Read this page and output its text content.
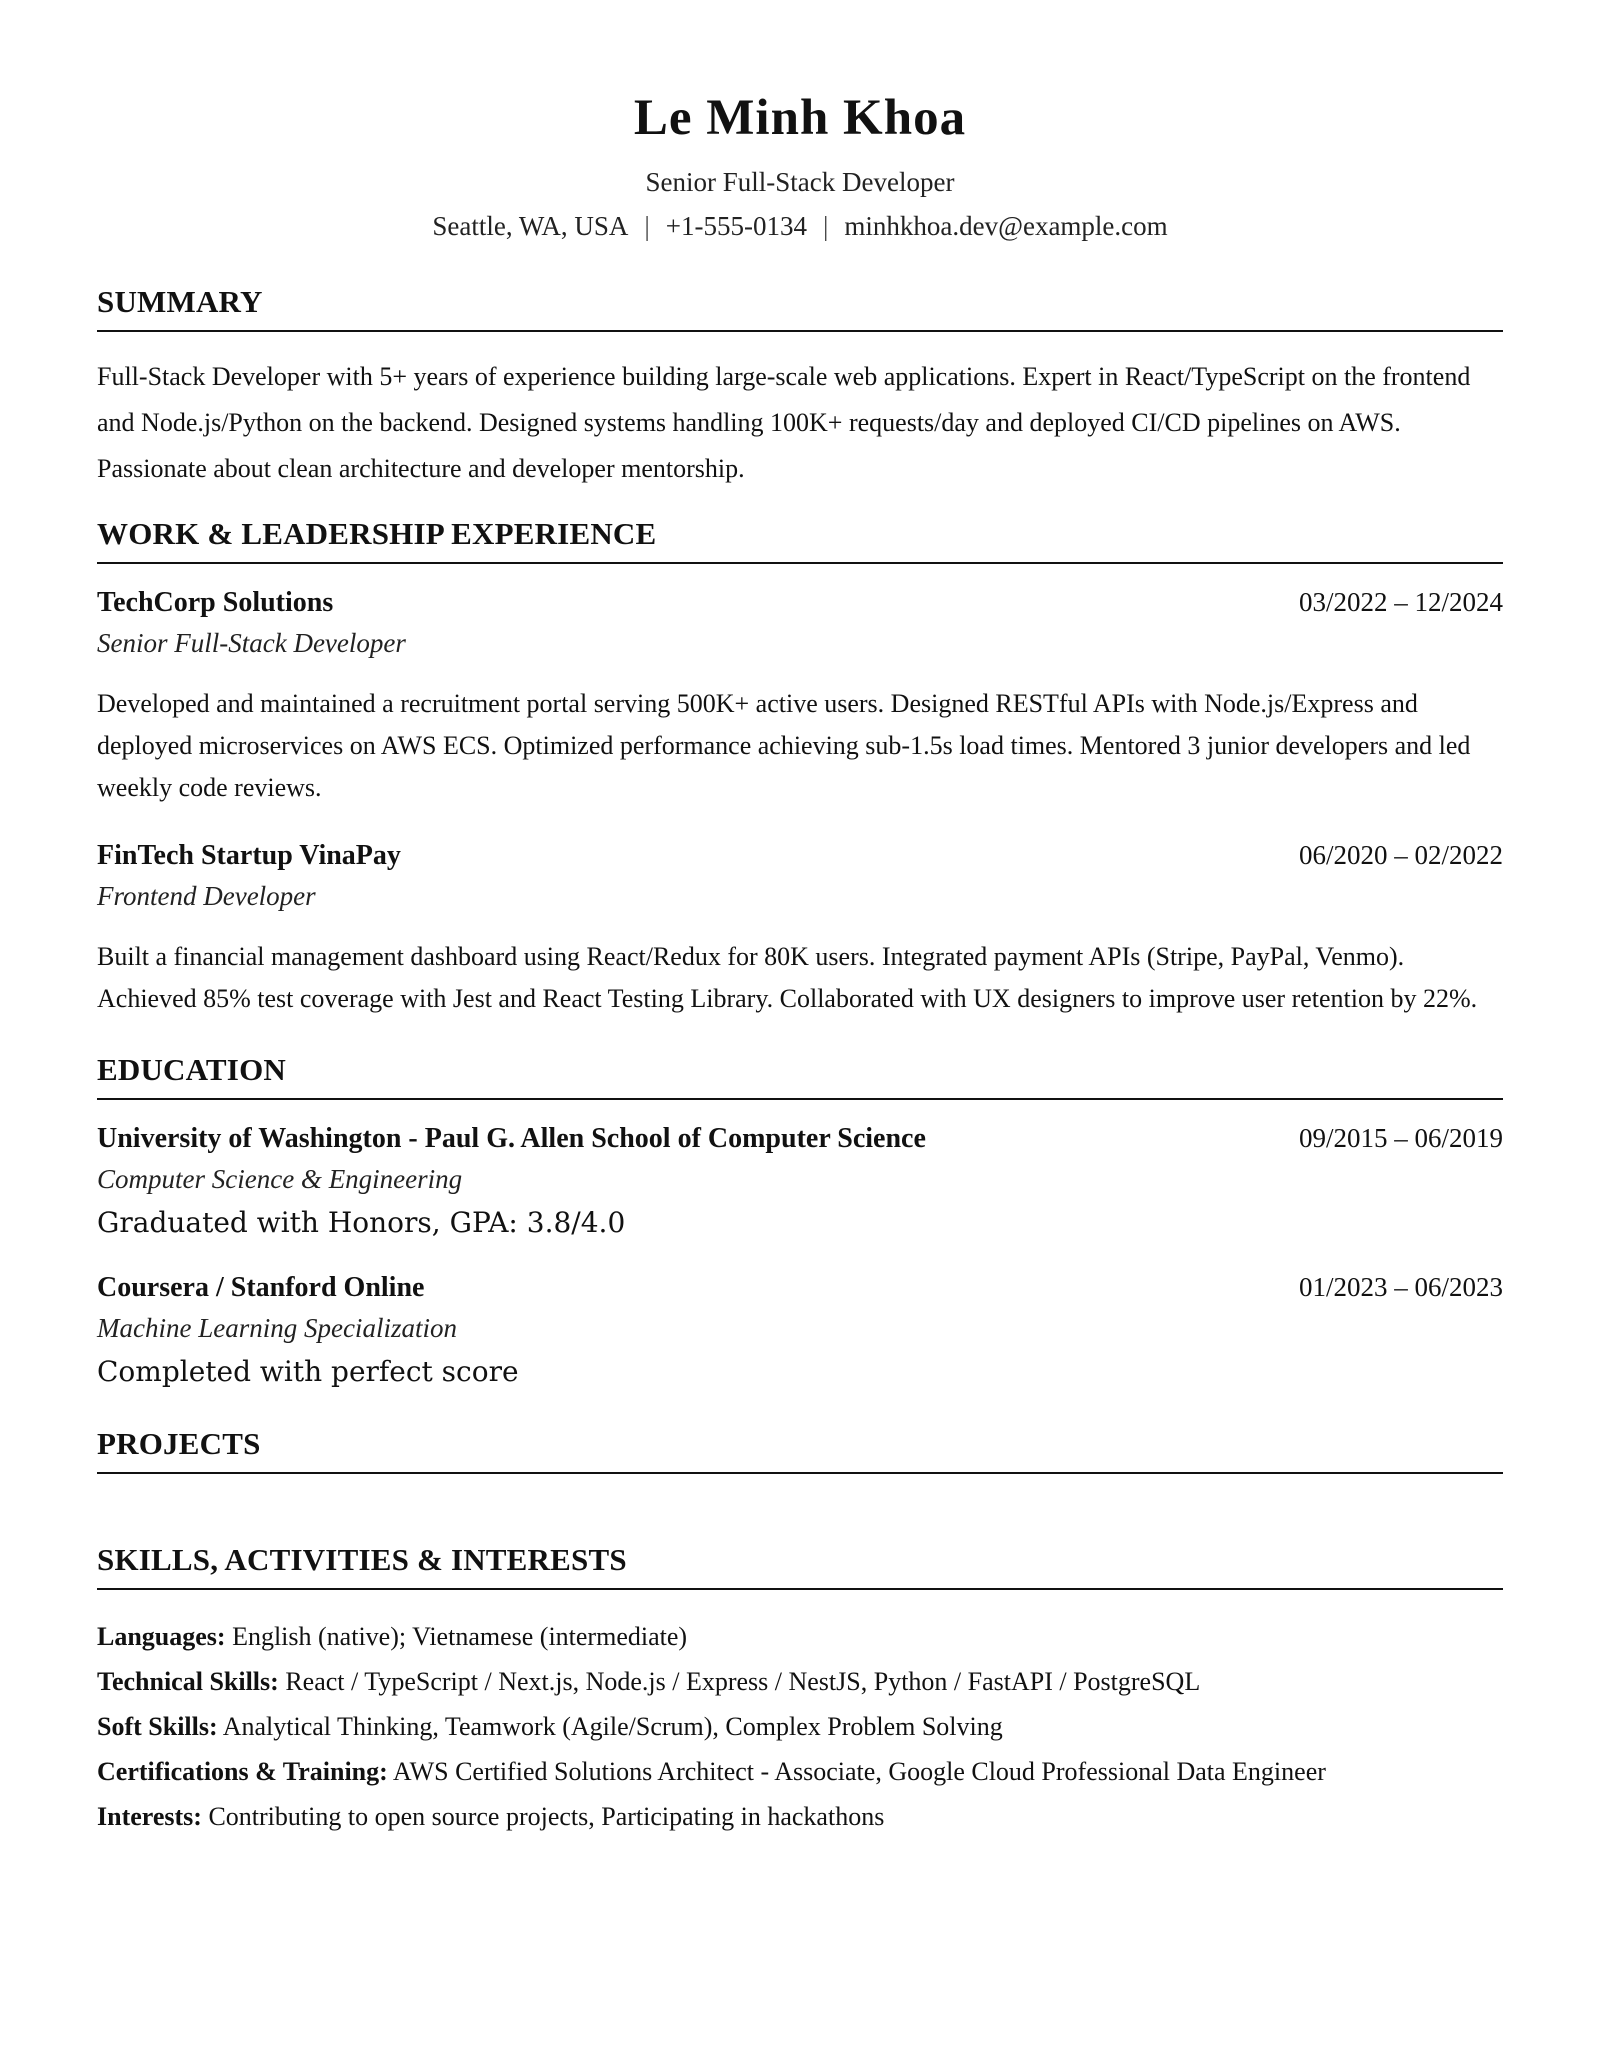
Le Minh Khoa
Senior Full-Stack Developer
Seattle, WA, USA | +1-555-0134 | minhkhoa.dev@example.com
SUMMARY

Full-Stack Developer with 5+ years of experience building large-scale web applications. Expert in React/TypeScript on the frontend and Node.js/Python on the backend. Designed systems handling 100K+ requests/day and deployed CI/CD pipelines on AWS. Passionate about clean architecture and developer mentorship.

WORK & LEADERSHIP EXPERIENCE
TechCorp Solutions	03/2022 – 12/2024
Senior Full-Stack Developer
Developed and maintained a recruitment portal serving 500K+ active users. Designed RESTful APIs with Node.js/Express and deployed microservices on AWS ECS. Optimized performance achieving sub-1.5s load times. Mentored 3 junior developers and led weekly code reviews.
FinTech Startup VinaPay	06/2020 – 02/2022
Frontend Developer
Built a financial management dashboard using React/Redux for 80K users. Integrated payment APIs (Stripe, PayPal, Venmo). Achieved 85% test coverage with Jest and React Testing Library. Collaborated with UX designers to improve user retention by 22%.
EDUCATION
University of Washington - Paul G. Allen School of Computer Science	09/2015 – 06/2019
Computer Science & Engineering
Graduated with Honors, GPA: 3.8/4.0
Coursera / Stanford Online	01/2023 – 06/2023
Machine Learning Specialization
Completed with perfect score
PROJECTS
SKILLS, ACTIVITIES & INTERESTS
Languages: English (native); Vietnamese (intermediate)
Technical Skills: React / TypeScript / Next.js, Node.js / Express / NestJS, Python / FastAPI / PostgreSQL
Soft Skills: Analytical Thinking, Teamwork (Agile/Scrum), Complex Problem Solving
Certifications & Training: AWS Certified Solutions Architect - Associate, Google Cloud Professional Data Engineer
Interests: Contributing to open source projects, Participating in hackathons
